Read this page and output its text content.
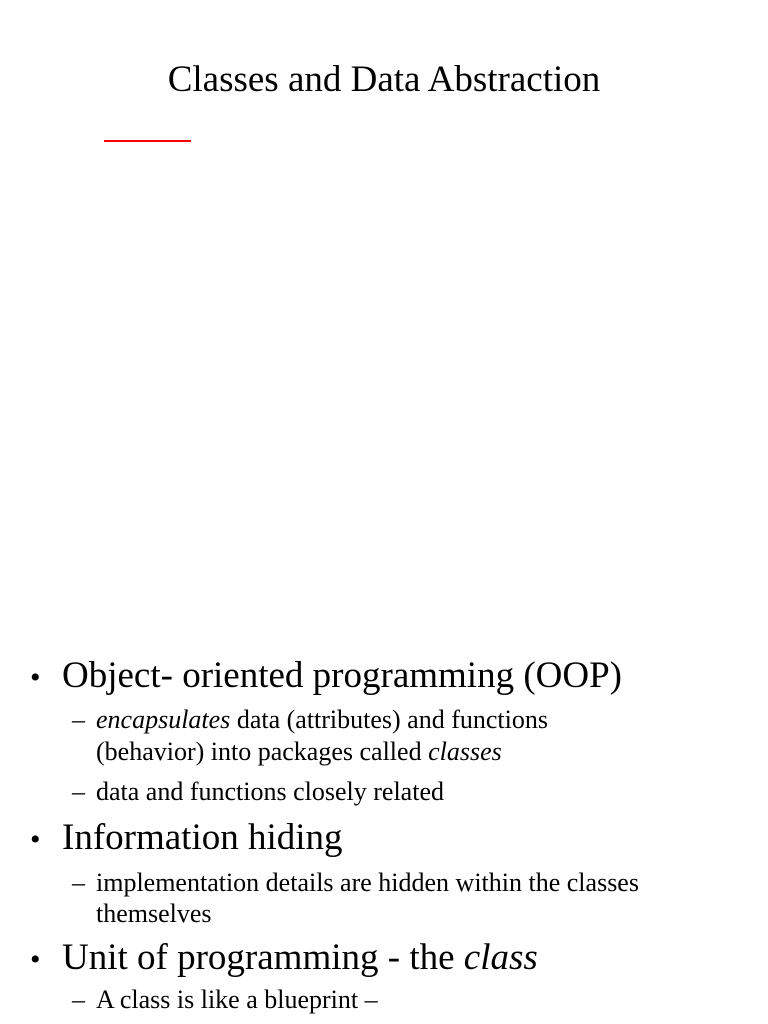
Classes and Data Abstraction
• Object- oriented programming (OOP)
– encapsulates data (attributes) and functions
(behavior) into packages called classes
– data and functions closely related
• Information hiding
– implementation details are hidden within the classes
themselves
• Unit of programming - the class
– A class is like a blueprint –
